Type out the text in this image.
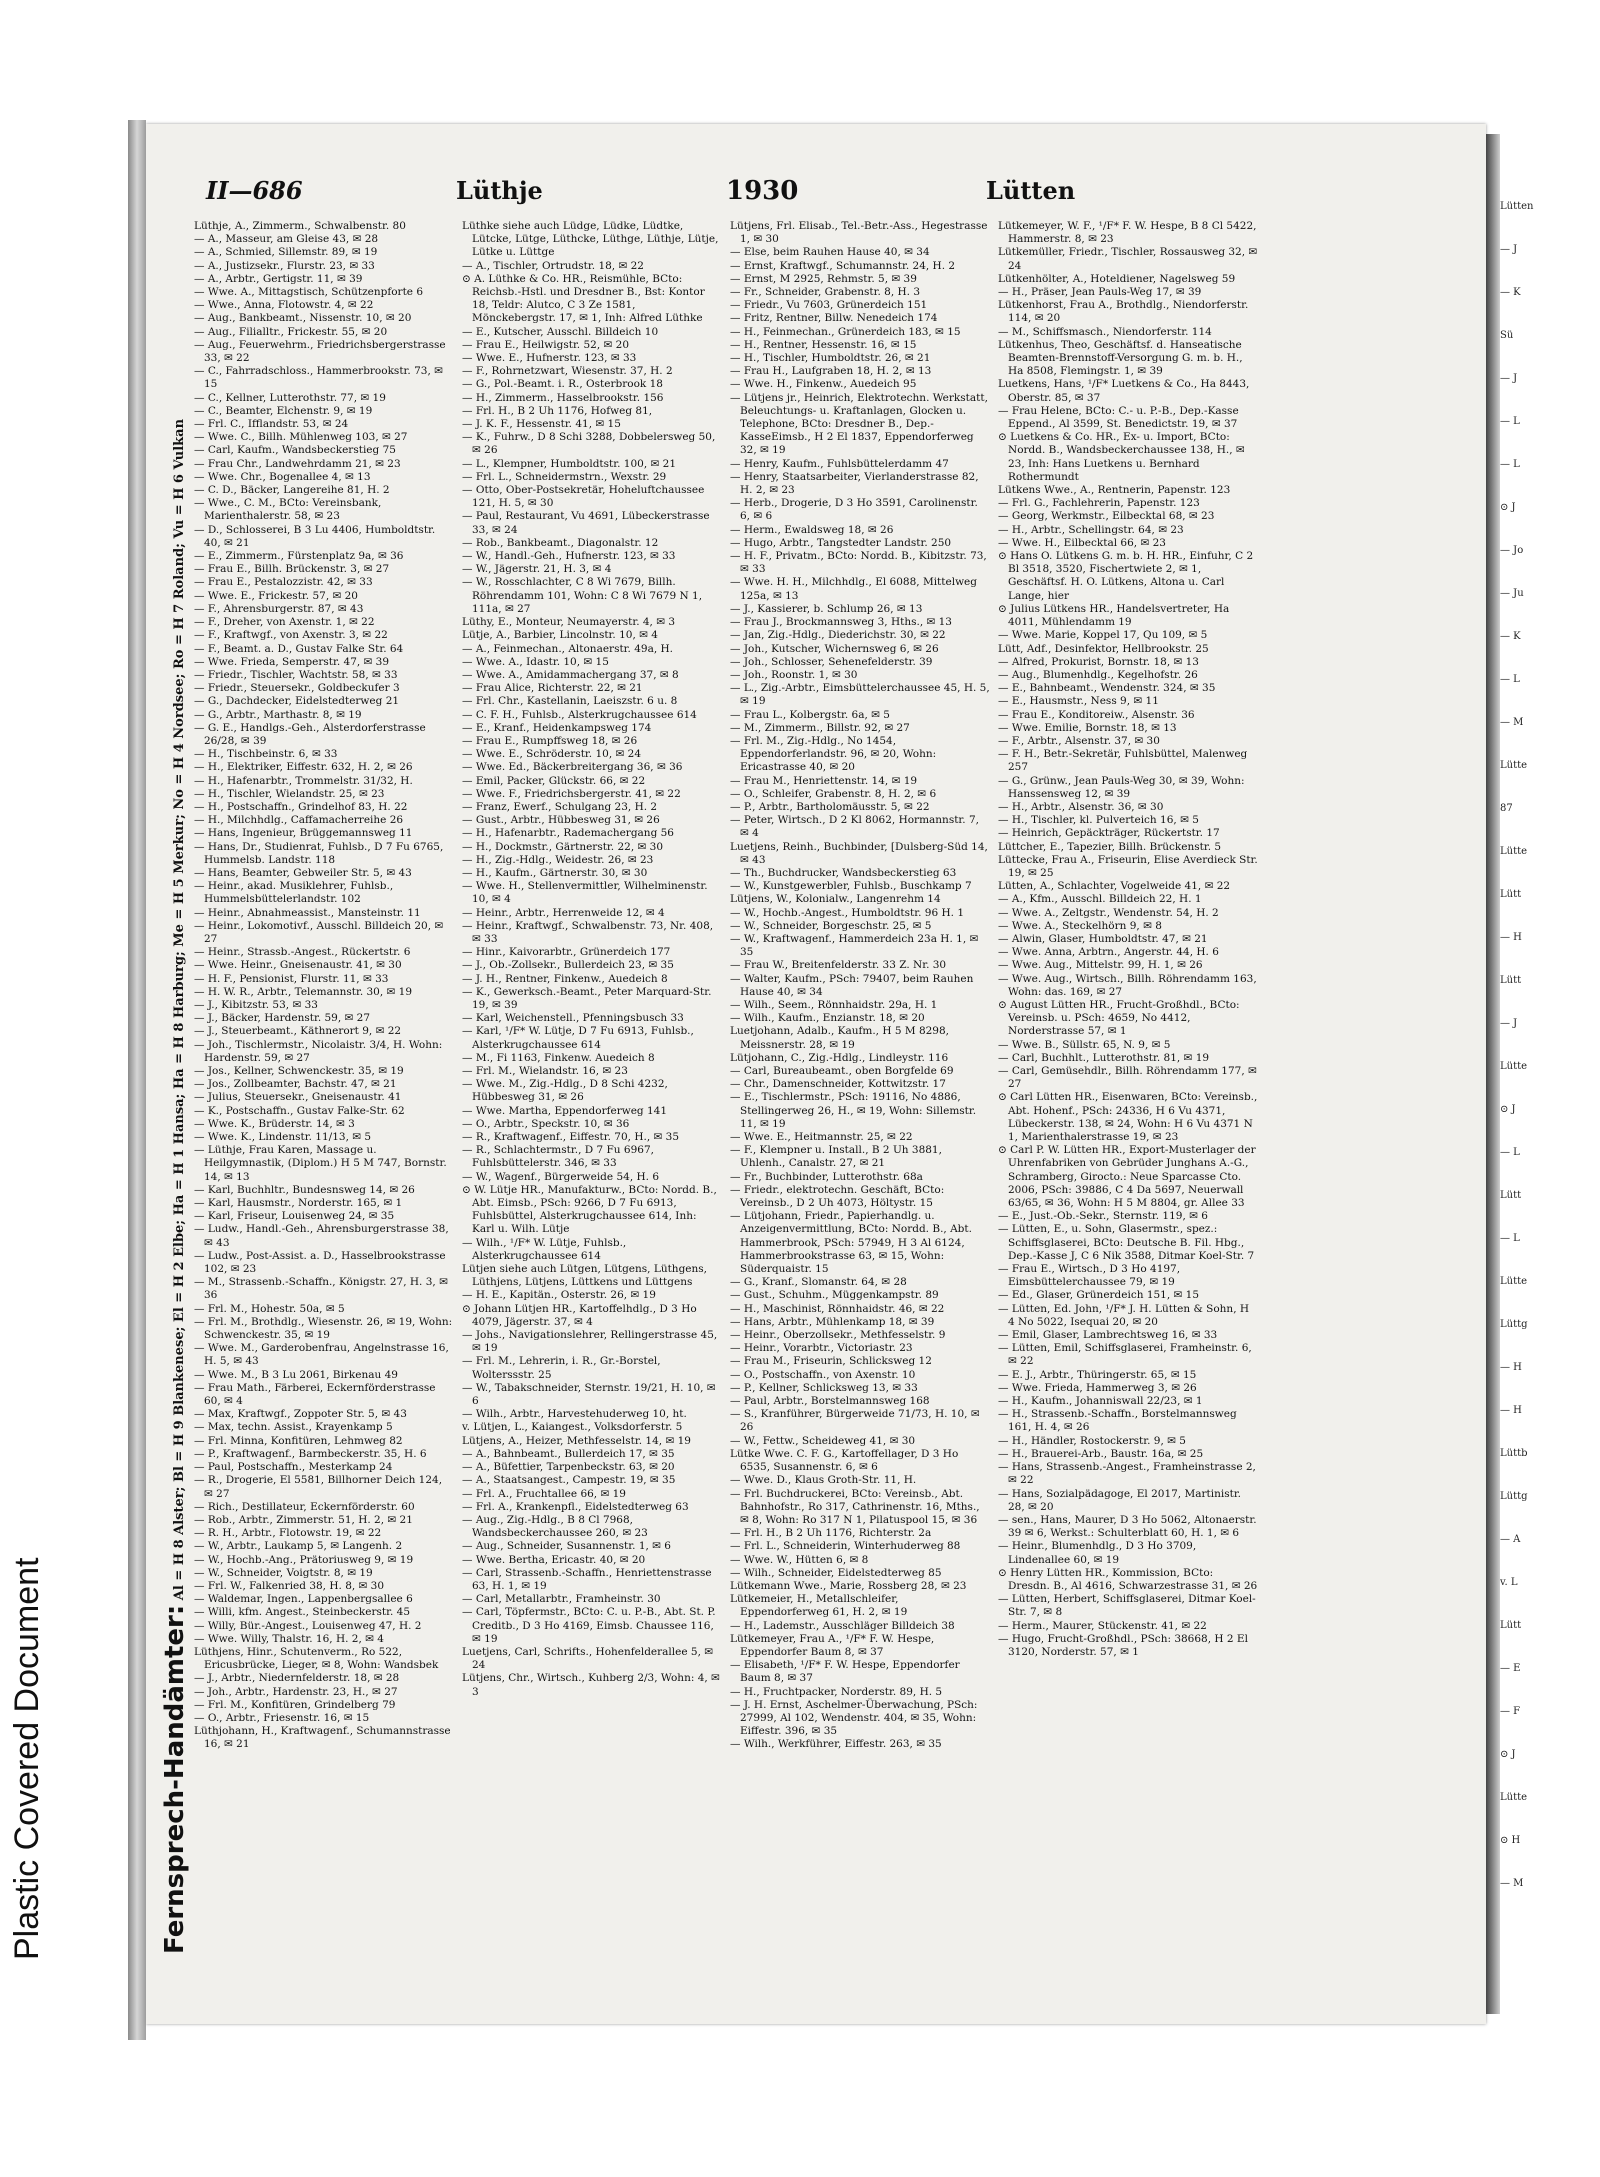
Plastic Covered Document
II—686	Lüthje	1930	Lütten
Fernsprech-Handämter: Al = H 8 Alster; Bl = H 9 Blankenese; El = H 2 Elbe; Ha = H 1 Hansa; Ha = H 8 Harburg; Me = H 5 Merkur; No = H 4 Nordsee; Ro = H 7 Roland; Vu = H 6 Vulkan

Lüthje, A., Zimmerm., Schwalbenstr. 80

— A., Masseur, am Gleise 43, ✉ 28

— A., Schmied, Sillemstr. 89, ✉ 19

— A., Justizsekr., Flurstr. 23, ✉ 33

— A., Arbtr., Gertigstr. 11, ✉ 39

— Wwe. A., Mittagstisch, Schützenpforte 6

— Wwe., Anna, Flotowstr. 4, ✉ 22

— Aug., Bankbeamt., Nissenstr. 10, ✉ 20

— Aug., Filialltr., Frickestr. 55, ✉ 20

— Aug., Feuerwehrm., Friedrichsbergerstrasse 33, ✉ 22

— C., Fahrradschloss., Hammerbrookstr. 73, ✉ 15

— C., Kellner, Lutterothstr. 77, ✉ 19

— C., Beamter, Elchenstr. 9, ✉ 19

— Frl. C., Ifflandstr. 53, ✉ 24

— Wwe. C., Billh. Mühlenweg 103, ✉ 27

— Carl, Kaufm., Wandsbeckerstieg 75

— Frau Chr., Landwehrdamm 21, ✉ 23

— Wwe. Chr., Bogenallee 4, ✉ 13

— C. D., Bäcker, Langereihe 81, H. 2

— Wwe., C. M., BCto: Vereinsbank, Marienthalerstr. 58, ✉ 23

— D., Schlosserei, B 3 Lu 4406, Humboldtstr. 40, ✉ 21

— E., Zimmerm., Fürstenplatz 9a, ✉ 36

— Frau E., Billh. Brückenstr. 3, ✉ 27

— Frau E., Pestalozzistr. 42, ✉ 33

— Wwe. E., Frickestr. 57, ✉ 20

— F., Ahrensburgerstr. 87, ✉ 43

— F., Dreher, von Axenstr. 1, ✉ 22

— F., Kraftwgf., von Axenstr. 3, ✉ 22

— F., Beamt. a. D., Gustav Falke Str. 64

— Wwe. Frieda, Semperstr. 47, ✉ 39

— Friedr., Tischler, Wachtstr. 58, ✉ 33

— Friedr., Steuersekr., Goldbeckufer 3

— G., Dachdecker, Eidelstedterweg 21

— G., Arbtr., Marthastr. 8, ✉ 19

— G. E., Handlgs.-Geh., Alsterdorferstrasse 26/28, ✉ 39

— H., Tischbeinstr. 6, ✉ 33

— H., Elektriker, Eiffestr. 632, H. 2, ✉ 26

— H., Hafenarbtr., Trommelstr. 31/32, H.

— H., Tischler, Wielandstr. 25, ✉ 23

— H., Postschaffn., Grindelhof 83, H. 22

— H., Milchhdlg., Caffamacherreihe 26

— Hans, Ingenieur, Brüggemannsweg 11

— Hans, Dr., Studienrat, Fuhlsb., D 7 Fu 6765, Hummelsb. Landstr. 118

— Hans, Beamter, Gebweiler Str. 5, ✉ 43

— Heinr., akad. Musiklehrer, Fuhlsb., Hummelsbüttelerlandstr. 102

— Heinr., Abnahmeassist., Mansteinstr. 11

— Heinr., Lokomotivf., Ausschl. Billdeich 20, ✉ 27

— Heinr., Strassb.-Angest., Rückertstr. 6

— Wwe. Heinr., Gneisenaustr. 41, ✉ 30

— H. F., Pensionist, Flurstr. 11, ✉ 33

— H. W. R., Arbtr., Telemannstr. 30, ✉ 19

— J., Kibitzstr. 53, ✉ 33

— J., Bäcker, Hardenstr. 59, ✉ 27

— J., Steuerbeamt., Käthnerort 9, ✉ 22

— Joh., Tischlermstr., Nicolaistr. 3/4, H. Wohn: Hardenstr. 59, ✉ 27

— Jos., Kellner, Schwenckestr. 35, ✉ 19

— Jos., Zollbeamter, Bachstr. 47, ✉ 21

— Julius, Steuersekr., Gneisenaustr. 41

— K., Postschaffn., Gustav Falke-Str. 62

— Wwe. K., Brüderstr. 14, ✉ 3

— Wwe. K., Lindenstr. 11/13, ✉ 5

— Lüthje, Frau Karen, Massage u. Heilgymnastik, (Diplom.) H 5 M 747, Bornstr. 14, ✉ 13

— Karl, Buchhltr., Bundesnsweg 14, ✉ 26

— Karl, Hausmstr., Norderstr. 165, ✉ 1

— Karl, Friseur, Louisenweg 24, ✉ 35

— Ludw., Handl.-Geh., Ahrensburgerstrasse 38, ✉ 43

— Ludw., Post-Assist. a. D., Hasselbrookstrasse 102, ✉ 23

— M., Strassenb.-Schaffn., Königstr. 27, H. 3, ✉ 36

— Frl. M., Hohestr. 50a, ✉ 5

— Frl. M., Brothdlg., Wiesenstr. 26, ✉ 19, Wohn: Schwenckestr. 35, ✉ 19

— Wwe. M., Garderobenfrau, Angelnstrasse 16, H. 5, ✉ 43

— Wwe. M., B 3 Lu 2061, Birkenau 49

— Frau Math., Färberei, Eckernförderstrasse 60, ✉ 4

— Max, Kraftwgf., Zoppoter Str. 5, ✉ 43

— Max, techn. Assist., Krayenkamp 5

— Frl. Minna, Konfitüren, Lehmweg 82

— P., Kraftwagenf., Barmbeckerstr. 35, H. 6

— Paul, Postschaffn., Mesterkamp 24

— R., Drogerie, El 5581, Billhorner Deich 124, ✉ 27

— Rich., Destillateur, Eckernförderstr. 60

— Rob., Arbtr., Zimmerstr. 51, H. 2, ✉ 21

— R. H., Arbtr., Flotowstr. 19, ✉ 22

— W., Arbtr., Laukamp 5, ✉ Langenh. 2

— W., Hochb.-Ang., Prätoriusweg 9, ✉ 19

— W., Schneider, Voigtstr. 8, ✉ 19

— Frl. W., Falkenried 38, H. 8, ✉ 30

— Waldemar, Ingen., Lappenbergsallee 6

— Willi, kfm. Angest., Steinbeckerstr. 45

— Willy, Bür.-Angest., Louisenweg 47, H. 2

— Wwe. Willy, Thalstr. 16, H. 2, ✉ 4

Lüthjens, Hinr., Schutenverm., Ro 522, Ericusbrücke, Lieger, ✉ 8, Wohn: Wandsbek

— J., Arbtr., Niedernfelderstr. 18, ✉ 28

— Joh., Arbtr., Hardenstr. 23, H., ✉ 27

— Frl. M., Konfitüren, Grindelberg 79

— O., Arbtr., Friesenstr. 16, ✉ 15

Lüthjohann, H., Kraftwagenf., Schumannstrasse 16, ✉ 21

Lüthke siehe auch Lüdge, Lüdke, Lüdtke, Lütcke, Lütge, Lüthcke, Lüthge, Lüthje, Lütje, Lütke u. Lüttge

— A., Tischler, Ortrudstr. 18, ✉ 22

⊙ A. Lüthke & Co. HR., Reismühle, BCto: Reichsb.-Hstl. und Dresdner B., Bst: Kontor 18, Teldr: Alutco, C 3 Ze 1581, Mönckebergstr. 17, ✉ 1, Inh: Alfred Lüthke

— E., Kutscher, Ausschl. Billdeich 10

— Frau E., Heilwigstr. 52, ✉ 20

— Wwe. E., Hufnerstr. 123, ✉ 33

— F., Rohrnetzwart, Wiesenstr. 37, H. 2

— G., Pol.-Beamt. i. R., Osterbrook 18

— H., Zimmerm., Hasselbrookstr. 156

— Frl. H., B 2 Uh 1176, Hofweg 81,

— J. K. F., Hessenstr. 41, ✉ 15

— K., Fuhrw., D 8 Schi 3288, Dobbelersweg 50, ✉ 26

— L., Klempner, Humboldtstr. 100, ✉ 21

— Frl. L., Schneidermstrn., Wexstr. 29

— Otto, Ober-Postsekretär, Hoheluftchaussee 121, H. 5, ✉ 30

— Paul, Restaurant, Vu 4691, Lübeckerstrasse 33, ✉ 24

— Rob., Bankbeamt., Diagonalstr. 12

— W., Handl.-Geh., Hufnerstr. 123, ✉ 33

— W., Jägerstr. 21, H. 3, ✉ 4

— W., Rosschlachter, C 8 Wi 7679, Billh. Röhrendamm 101, Wohn: C 8 Wi 7679 N 1, 111a, ✉ 27

Lüthy, E., Monteur, Neumayerstr. 4, ✉ 3

Lütje, A., Barbier, Lincolnstr. 10, ✉ 4

— A., Feinmechan., Altonaerstr. 49a, H.

— Wwe. A., Idastr. 10, ✉ 15

— Wwe. A., Amidammachergang 37, ✉ 8

— Frau Alice, Richterstr. 22, ✉ 21

— Frl. Chr., Kastellanin, Laeiszstr. 6 u. 8

— C. F. H., Fuhlsb., Alsterkrugchaussee 614

— E., Kranf., Heidenkampsweg 174

— Frau E., Rumpffsweg 18, ✉ 26

— Wwe. E., Schröderstr. 10, ✉ 24

— Wwe. Ed., Bäckerbreitergang 36, ✉ 36

— Emil, Packer, Glückstr. 66, ✉ 22

— Wwe. F., Friedrichsbergerstr. 41, ✉ 22

— Franz, Ewerf., Schulgang 23, H. 2

— Gust., Arbtr., Hübbesweg 31, ✉ 26

— H., Hafenarbtr., Rademachergang 56

— H., Dockmstr., Gärtnerstr. 22, ✉ 30

— H., Zig.-Hdlg., Weidestr. 26, ✉ 23

— H., Kaufm., Gärtnerstr. 30, ✉ 30

— Wwe. H., Stellenvermittler, Wilhelminenstr. 10, ✉ 4

— Heinr., Arbtr., Herrenweide 12, ✉ 4

— Heinr., Kraftwgf., Schwalbenstr. 73, Nr. 408, ✉ 33

— Hinr., Kaivorarbtr., Grünerdeich 177

— J., Ob.-Zollsekr., Bullerdeich 23, ✉ 35

— J. H., Rentner, Finkenw., Auedeich 8

— K., Gewerksch.-Beamt., Peter Marquard-Str. 19, ✉ 39

— Karl, Weichenstell., Pfenningsbusch 33

— Karl, ¹/F* W. Lütje, D 7 Fu 6913, Fuhlsb., Alsterkrugchaussee 614

— M., Fi 1163, Finkenw. Auedeich 8

— Frl. M., Wielandstr. 16, ✉ 23

— Wwe. M., Zig.-Hdlg., D 8 Schi 4232, Hübbesweg 31, ✉ 26

— Wwe. Martha, Eppendorferweg 141

— O., Arbtr., Speckstr. 10, ✉ 36

— R., Kraftwagenf., Eiffestr. 70, H., ✉ 35

— R., Schlachtermstr., D 7 Fu 6967, Fuhlsbüttelerstr. 346, ✉ 33

— W., Wagenf., Bürgerweide 54, H. 6

⊙ W. Lütje HR., Manufakturw., BCto: Nordd. B., Abt. Eimsb., PSch: 9266, D 7 Fu 6913, Fuhlsbüttel, Alsterkrugchaussee 614, Inh: Karl u. Wilh. Lütje

— Wilh., ¹/F* W. Lütje, Fuhlsb., Alsterkrugchaussee 614

Lütjen siehe auch Lütgen, Lütgens, Lüthgens, Lüthjens, Lütjens, Lüttkens und Lüttgens

— H. E., Kapitän., Osterstr. 26, ✉ 19

⊙ Johann Lütjen HR., Kartoffelhdlg., D 3 Ho 4079, Jägerstr. 37, ✉ 4

— Johs., Navigationslehrer, Rellingerstrasse 45, ✉ 19

— Frl. M., Lehrerin, i. R., Gr.-Borstel, Wolterssstr. 25

— W., Tabakschneider, Sternstr. 19/21, H. 10, ✉ 6

— Wilh., Arbtr., Harvestehuderweg 10, ht.

v. Lütjen, L., Kaiangest., Volksdorferstr. 5

Lütjens, A., Heizer, Methfesselstr. 14, ✉ 19

— A., Bahnbeamt., Bullerdeich 17, ✉ 35

— A., Büfettier, Tarpenbeckstr. 63, ✉ 20

— A., Staatsangest., Campestr. 19, ✉ 35

— Frl. A., Fruchtallee 66, ✉ 19

— Frl. A., Krankenpfl., Eidelstedterweg 63

— Aug., Zig.-Hdlg., B 8 Cl 7968, Wandsbeckerchaussee 260, ✉ 23

— Aug., Schneider, Susannenstr. 1, ✉ 6

— Wwe. Bertha, Ericastr. 40, ✉ 20

— Carl, Strassenb.-Schaffn., Henriettenstrasse 63, H. 1, ✉ 19

— Carl, Metallarbtr., Framheinstr. 30

— Carl, Töpfermstr., BCto: C. u. P.-B., Abt. St. P. Creditb., D 3 Ho 4169, Eimsb. Chaussee 116, ✉ 19

Luetjens, Carl, Schrifts., Hohenfelderallee 5, ✉ 24

Lütjens, Chr., Wirtsch., Kuhberg 2/3, Wohn: 4, ✉ 3

Lütjens, Frl. Elisab., Tel.-Betr.-Ass., Hegestrasse 1, ✉ 30

— Else, beim Rauhen Hause 40, ✉ 34

— Ernst, Kraftwgf., Schumannstr. 24, H. 2

— Ernst, M 2925, Rehmstr. 5, ✉ 39

— Fr., Schneider, Grabenstr. 8, H. 3

— Friedr., Vu 7603, Grünerdeich 151

— Fritz, Rentner, Billw. Nenedeich 174

— H., Feinmechan., Grünerdeich 183, ✉ 15

— H., Rentner, Hessenstr. 16, ✉ 15

— H., Tischler, Humboldtstr. 26, ✉ 21

— Frau H., Laufgraben 18, H. 2, ✉ 13

— Wwe. H., Finkenw., Auedeich 95

— Lütjens jr., Heinrich, Elektrotechn. Werkstatt, Beleuchtungs- u. Kraftanlagen, Glocken u. Telephone, BCto: Dresdner B., Dep.-KasseEimsb., H 2 El 1837, Eppendorferweg 32, ✉ 19

— Henry, Kaufm., Fuhlsbüttelerdamm 47

— Henry, Staatsarbeiter, Vierlanderstrasse 82, H. 2, ✉ 23

— Herb., Drogerie, D 3 Ho 3591, Carolinenstr. 6, ✉ 6

— Herm., Ewaldsweg 18, ✉ 26

— Hugo, Arbtr., Tangstedter Landstr. 250

— H. F., Privatm., BCto: Nordd. B., Kibitzstr. 73, ✉ 33

— Wwe. H. H., Milchhdlg., El 6088, Mittelweg 125a, ✉ 13

— J., Kassierer, b. Schlump 26, ✉ 13

— Frau J., Brockmannsweg 3, Hths., ✉ 13

— Jan, Zig.-Hdlg., Diederichstr. 30, ✉ 22

— Joh., Kutscher, Wichernsweg 6, ✉ 26

— Joh., Schlosser, Sehenefelderstr. 39

— Joh., Roonstr. 1, ✉ 30

— L., Zig.-Arbtr., Eimsbüttelerchaussee 45, H. 5, ✉ 19

— Frau L., Kolbergstr. 6a, ✉ 5

— M., Zimmerm., Billstr. 92, ✉ 27

— Frl. M., Zig.-Hdlg., No 1454, Eppendorferlandstr. 96, ✉ 20, Wohn: Ericastrasse 40, ✉ 20

— Frau M., Henriettenstr. 14, ✉ 19

— O., Schleifer, Grabenstr. 8, H. 2, ✉ 6

— P., Arbtr., Bartholomäusstr. 5, ✉ 22

— Peter, Wirtsch., D 2 Kl 8062, Hormannstr. 7, ✉ 4

Luetjens, Reinh., Buchbinder, [Dulsberg-Süd 14, ✉ 43

— Th., Buchdrucker, Wandsbeckerstieg 63

— W., Kunstgewerbler, Fuhlsb., Buschkamp 7

Lütjens, W., Kolonialw., Langenrehm 14

— W., Hochb.-Angest., Humboldtstr. 96 H. 1

— W., Schneider, Borgeschstr. 25, ✉ 5

— W., Kraftwagenf., Hammerdeich 23a H. 1, ✉ 35

— Frau W., Breitenfelderstr. 33 Z. Nr. 30

— Walter, Kaufm., PSch: 79407, beim Rauhen Hause 40, ✉ 34

— Wilh., Seem., Rönnhaidstr. 29a, H. 1

— Wilh., Kaufm., Enzianstr. 18, ✉ 20

Luetjohann, Adalb., Kaufm., H 5 M 8298, Meissnerstr. 28, ✉ 19

Lütjohann, C., Zig.-Hdlg., Lindleystr. 116

— Carl, Bureaubeamt., oben Borgfelde 69

— Chr., Damenschneider, Kottwitzstr. 17

— E., Tischlermstr., PSch: 19116, No 4886, Stellingerweg 26, H., ✉ 19, Wohn: Sillemstr. 11, ✉ 19

— Wwe. E., Heitmannstr. 25, ✉ 22

— F., Klempner u. Install., B 2 Uh 3881, Uhlenh., Canalstr. 27, ✉ 21

— Fr., Buchbinder, Lutterothstr. 68a

— Friedr., elektrotechn. Geschäft, BCto: Vereinsb., D 2 Uh 4073, Höltystr. 15

— Lütjohann, Friedr., Papierhandlg. u. Anzeigenvermittlung, BCto: Nordd. B., Abt. Hammerbrook, PSch: 57949, H 3 Al 6124, Hammerbrookstrasse 63, ✉ 15, Wohn: Süderquaistr. 15

— G., Kranf., Slomanstr. 64, ✉ 28

— Gust., Schuhm., Müggenkampstr. 89

— H., Maschinist, Rönnhaidstr. 46, ✉ 22

— Hans, Arbtr., Mühlenkamp 18, ✉ 39

— Heinr., Oberzollsekr., Methfesselstr. 9

— Heinr., Vorarbtr., Victoriastr. 23

— Frau M., Friseurin, Schlicksweg 12

— O., Postschaffn., von Axenstr. 10

— P., Kellner, Schlicksweg 13, ✉ 33

— Paul, Arbtr., Borstelmannsweg 168

— S., Kranführer, Bürgerweide 71/73, H. 10, ✉ 26

— W., Fettw., Scheideweg 41, ✉ 30

Lütke Wwe. C. F. G., Kartoffellager, D 3 Ho 6535, Susannenstr. 6, ✉ 6

— Wwe. D., Klaus Groth-Str. 11, H.

— Frl. Buchdruckerei, BCto: Vereinsb., Abt. Bahnhofstr., Ro 317, Cathrinenstr. 16, Mths., ✉ 8, Wohn: Ro 317 N 1, Pilatuspool 15, ✉ 36

— Frl. H., B 2 Uh 1176, Richterstr. 2a

— Frl. L., Schneiderin, Winterhuderweg 88

— Wwe. W., Hütten 6, ✉ 8

— Wilh., Schneider, Eidelstedterweg 85

Lütkemann Wwe., Marie, Rossberg 28, ✉ 23

Lütkemeier, H., Metallschleifer, Eppendorferweg 61, H. 2, ✉ 19

— H., Lademstr., Ausschläger Billdeich 38

Lütkemeyer, Frau A., ¹/F* F. W. Hespe, Eppendorfer Baum 8, ✉ 37

— Elisabeth, ¹/F* F. W. Hespe, Eppendorfer Baum 8, ✉ 37

— H., Fruchtpacker, Norderstr. 89, H. 5

— J. H. Ernst, Aschelmer-Überwachung, PSch: 27999, Al 102, Wendenstr. 404, ✉ 35, Wohn: Eiffestr. 396, ✉ 35

— Wilh., Werkführer, Eiffestr. 263, ✉ 35

Lütkemeyer, W. F., ¹/F* F. W. Hespe, B 8 Cl 5422, Hammerstr. 8, ✉ 23

Lütkemüller, Friedr., Tischler, Rossausweg 32, ✉ 24

Lütkenhölter, A., Hoteldiener, Nagelsweg 59

— H., Präser, Jean Pauls-Weg 17, ✉ 39

Lütkenhorst, Frau A., Brothdlg., Niendorferstr. 114, ✉ 20

— M., Schiffsmasch., Niendorferstr. 114

Lütkenhus, Theo, Geschäftsf. d. Hanseatische Beamten-Brennstoff-Versorgung G. m. b. H., Ha 8508, Flemingstr. 1, ✉ 39

Luetkens, Hans, ¹/F* Luetkens & Co., Ha 8443, Oberstr. 85, ✉ 37

— Frau Helene, BCto: C.- u. P.-B., Dep.-Kasse Eppend., Al 3599, St. Benedictstr. 19, ✉ 37

⊙ Luetkens & Co. HR., Ex- u. Import, BCto: Nordd. B., Wandsbeckerchaussee 138, H., ✉ 23, Inh: Hans Luetkens u. Bernhard Rothermundt

Lütkens Wwe., A., Rentnerin, Papenstr. 123

— Frl. G., Fachlehrerin, Papenstr. 123

— Georg, Werkmstr., Eilbecktal 68, ✉ 23

— H., Arbtr., Schellingstr. 64, ✉ 23

— Wwe. H., Eilbecktal 66, ✉ 23

⊙ Hans O. Lütkens G. m. b. H. HR., Einfuhr, C 2 Bl 3518, 3520, Fischertwiete 2, ✉ 1, Geschäftsf. H. O. Lütkens, Altona u. Carl Lange, hier

⊙ Julius Lütkens HR., Handelsvertreter, Ha 4011, Mühlendamm 19

— Wwe. Marie, Koppel 17, Qu 109, ✉ 5

Lütt, Adf., Desinfektor, Hellbrookstr. 25

— Alfred, Prokurist, Bornstr. 18, ✉ 13

— Aug., Blumenhdlg., Kegelhofstr. 26

— E., Bahnbeamt., Wendenstr. 324, ✉ 35

— E., Hausmstr., Ness 9, ✉ 11

— Frau E., Konditoreiw., Alsenstr. 36

— Wwe. Emilie, Bornstr. 18, ✉ 13

— F., Arbtr., Alsenstr. 37, ✉ 30

— F. H., Betr.-Sekretär, Fuhlsbüttel, Malenweg 257

— G., Grünw., Jean Pauls-Weg 30, ✉ 39, Wohn: Hanssensweg 12, ✉ 39

— H., Arbtr., Alsenstr. 36, ✉ 30

— H., Tischler, kl. Pulverteich 16, ✉ 5

— Heinrich, Gepäckträger, Rückertstr. 17

Lüttcher, E., Tapezier, Billh. Brückenstr. 5

Lüttecke, Frau A., Friseurin, Elise Averdieck Str. 19, ✉ 25

Lütten, A., Schlachter, Vogelweide 41, ✉ 22

— A., Kfm., Ausschl. Billdeich 22, H. 1

— Wwe. A., Zeltgstr., Wendenstr. 54, H. 2

— Wwe. A., Steckelhörn 9, ✉ 8

— Alwin, Glaser, Humboldtstr. 47, ✉ 21

— Wwe. Anna, Arbtrn., Angerstr. 44, H. 6

— Wwe. Aug., Mittelstr. 99, H. 1, ✉ 26

— Wwe. Aug., Wirtsch., Billh. Röhrendamm 163, Wohn: das. 169, ✉ 27

⊙ August Lütten HR., Frucht-Großhdl., BCto: Vereinsb. u. PSch: 4659, No 4412, Norderstrasse 57, ✉ 1

— Wwe. B., Süllstr. 65, N. 9, ✉ 5

— Carl, Buchhlt., Lutterothstr. 81, ✉ 19

— Carl, Gemüsehdlr., Billh. Röhrendamm 177, ✉ 27

⊙ Carl Lütten HR., Eisenwaren, BCto: Vereinsb., Abt. Hohenf., PSch: 24336, H 6 Vu 4371, Lübeckerstr. 138, ✉ 24, Wohn: H 6 Vu 4371 N 1, Marienthalerstrasse 19, ✉ 23

⊙ Carl P. W. Lütten HR., Export-Musterlager der Uhrenfabriken von Gebrüder Junghans A.-G., Schramberg, Girocto.: Neue Sparcasse Cto. 2006, PSch: 39886, C 4 Da 5697, Neuerwall 63/65, ✉ 36, Wohn: H 5 M 8804, gr. Allee 33

— E., Just.-Ob.-Sekr., Sternstr. 119, ✉ 6

— Lütten, E., u. Sohn, Glasermstr., spez.: Schiffsglaserei, BCto: Deutsche B. Fil. Hbg., Dep.-Kasse J, C 6 Nik 3588, Ditmar Koel-Str. 7

— Frau E., Wirtsch., D 3 Ho 4197, Eimsbüttelerchaussee 79, ✉ 19

— Ed., Glaser, Grünerdeich 151, ✉ 15

— Lütten, Ed. John, ¹/F* J. H. Lütten & Sohn, H 4 No 5022, Isequai 20, ✉ 20

— Emil, Glaser, Lambrechtsweg 16, ✉ 33

— Lütten, Emil, Schiffsglaserei, Framheinstr. 6, ✉ 22

— E. J., Arbtr., Thüringerstr. 65, ✉ 15

— Wwe. Frieda, Hammerweg 3, ✉ 26

— H., Kaufm., Johanniswall 22/23, ✉ 1

— H., Strassenb.-Schaffn., Borstelmannsweg 161, H. 4, ✉ 26

— H., Händler, Rostockerstr. 9, ✉ 5

— H., Brauerei-Arb., Baustr. 16a, ✉ 25

— Hans, Strassenb.-Angest., Framheinstrasse 2, ✉ 22

— Hans, Sozialpädagoge, El 2017, Martinistr. 28, ✉ 20

— sen., Hans, Maurer, D 3 Ho 5062, Altonaerstr. 39 ✉ 6, Werkst.: Schulterblatt 60, H. 1, ✉ 6

— Heinr., Blumenhdlg., D 3 Ho 3709, Lindenallee 60, ✉ 19

⊙ Henry Lütten HR., Kommission, BCto: Dresdn. B., Al 4616, Schwarzestrasse 31, ✉ 26

— Lütten, Herbert, Schiffsglaserei, Ditmar Koel-Str. 7, ✉ 8

— Herm., Maurer, Stückenstr. 41, ✉ 22

— Hugo, Frucht-Großhdl., PSch: 38668, H 2 El 3120, Norderstr. 57, ✉ 1

Lütten
— J
— K
Sü
— J
— L
— L
⊙ J
— Jo
— Ju
— K
— L
— M
Lütte
87
Lütte
Lütt
— H
Lütt
— J
Lütte
⊙ J
— L
Lütt
— L
Lütte
Lüttg
— H
— H
Lüttb
Lüttg
— A
v. L
Lütt
— E
— F
⊙ J
Lütte
⊙ H
— M
